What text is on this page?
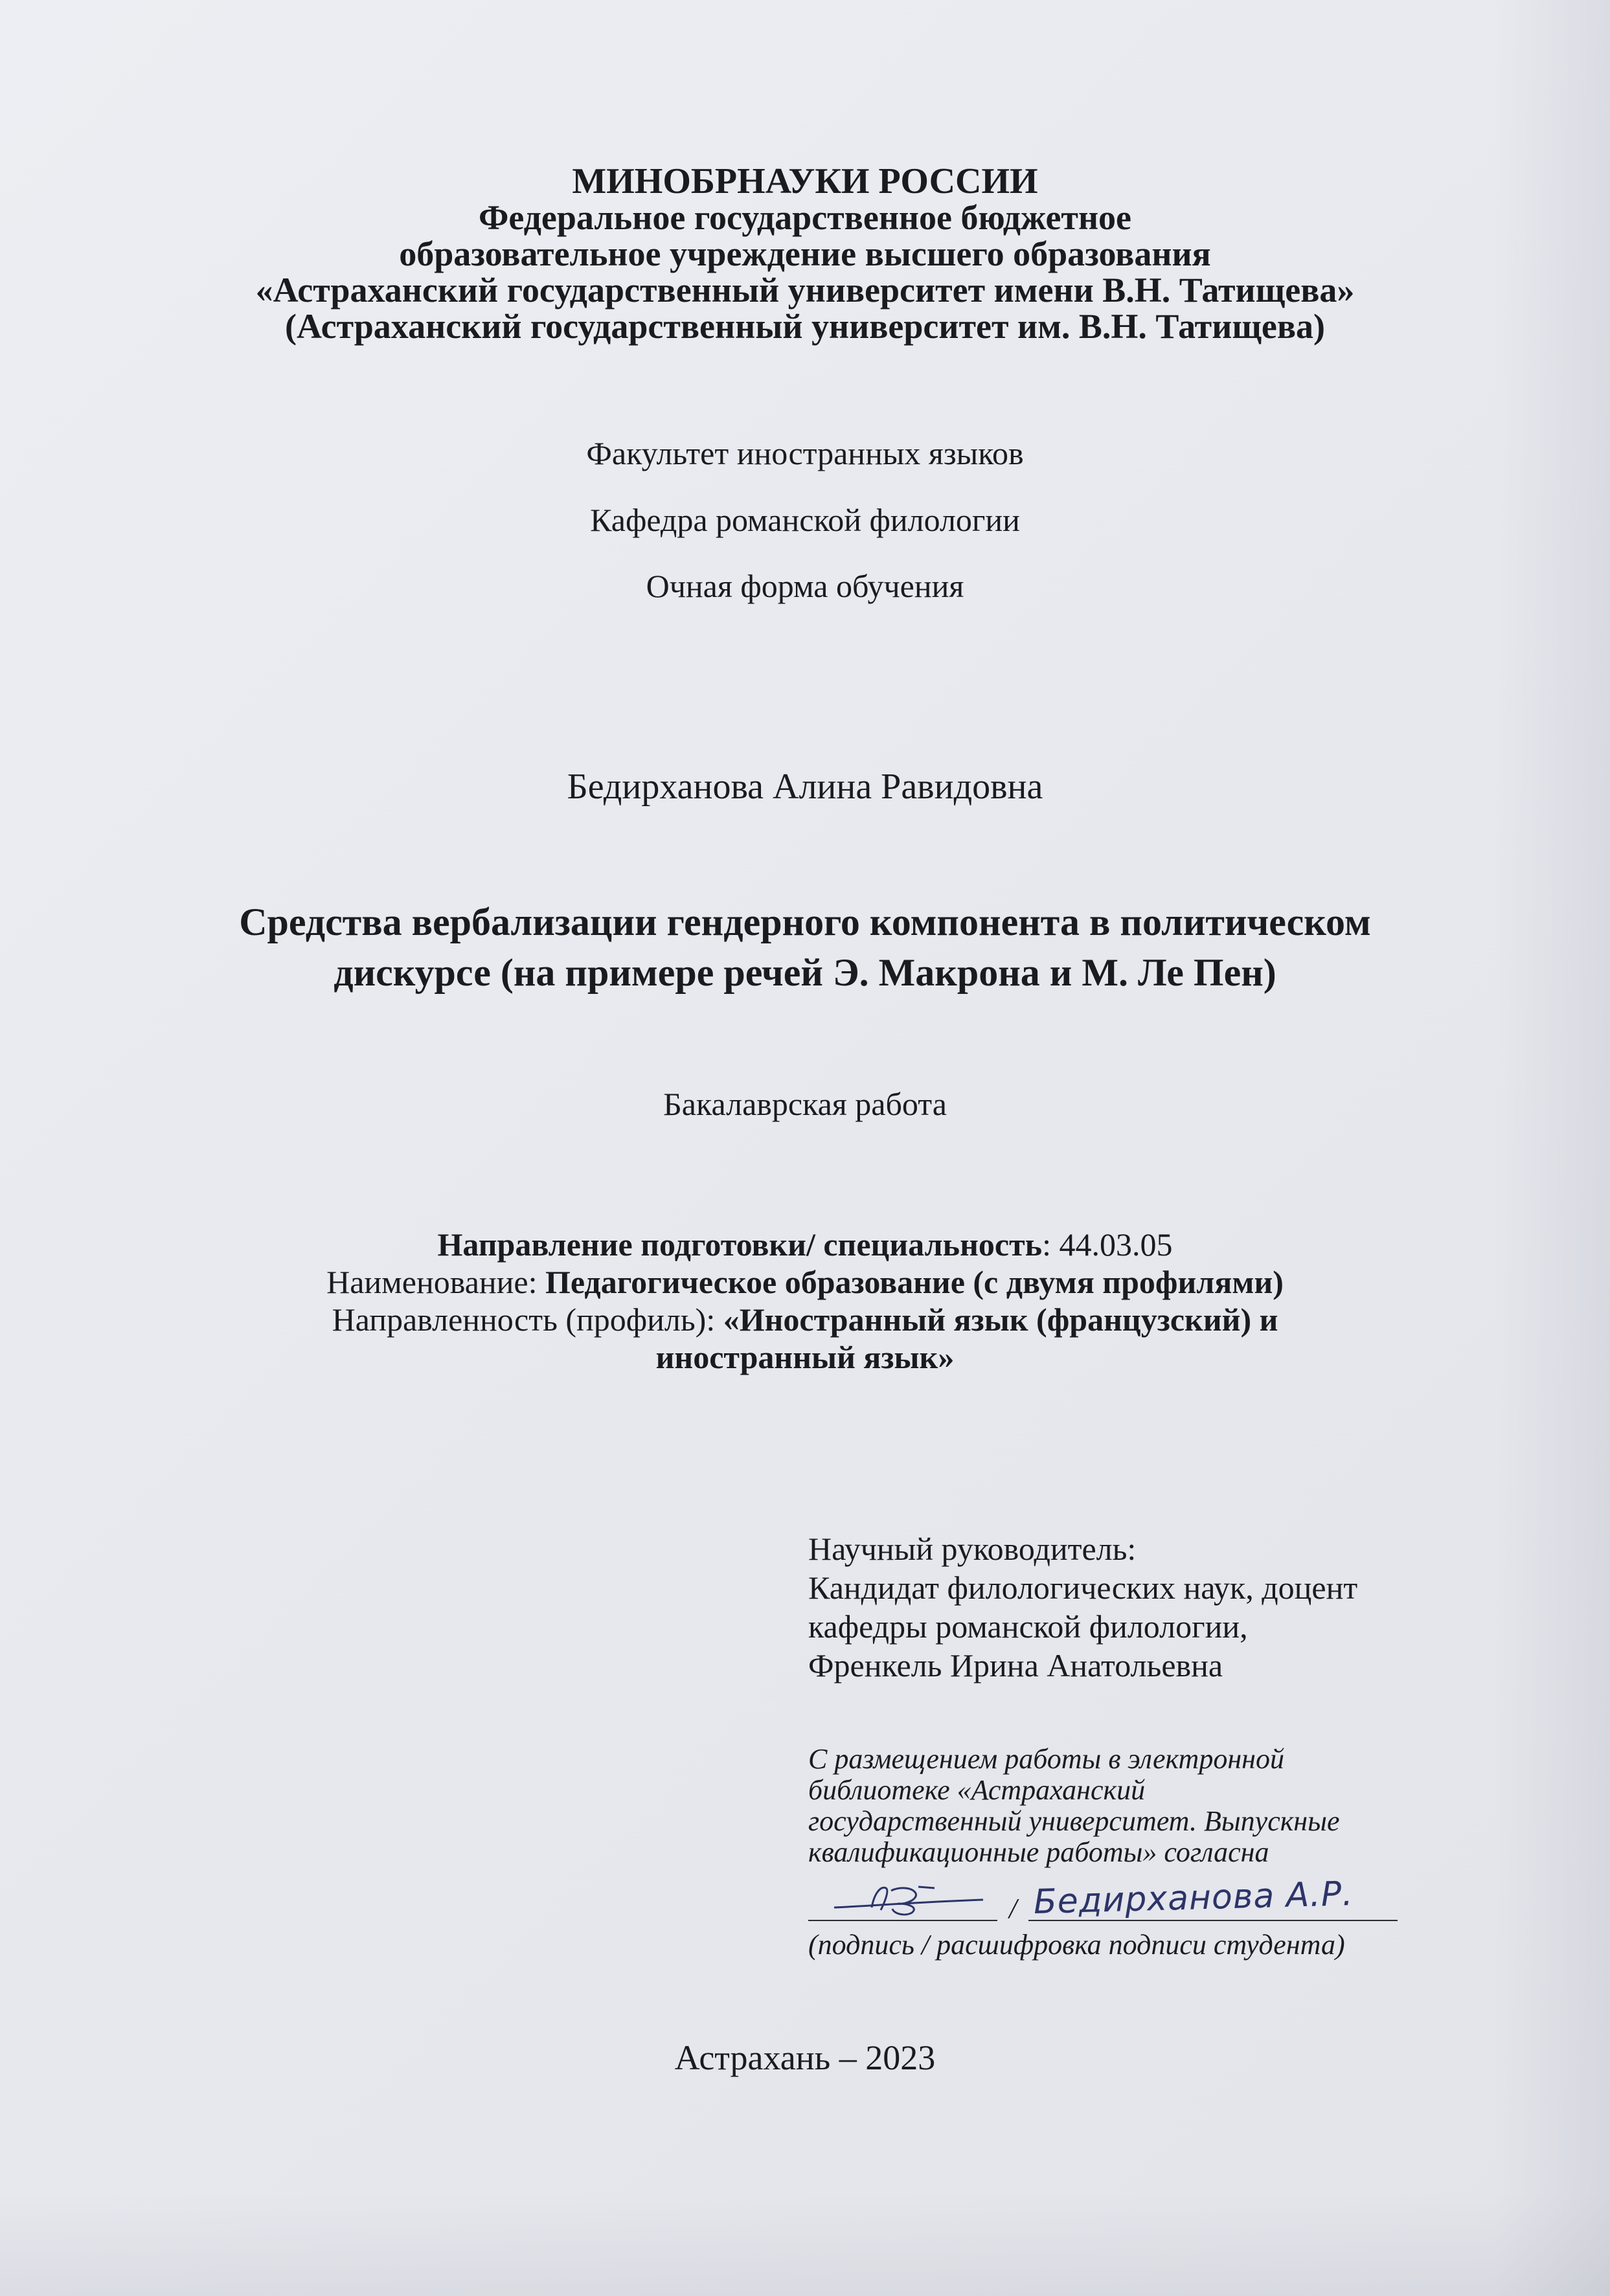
МИНОБРНАУКИ РОССИИ
Федеральное государственное бюджетное
образовательное учреждение высшего образования
«Астраханский государственный университет имени В.Н. Татищева»
(Астраханский государственный университет им. В.Н. Татищева)
Факультет иностранных языков
Кафедра романской филологии
Очная форма обучения
Бедирханова Алина Равидовна
Средства вербализации гендерного компонента в политическом
дискурсе (на примере речей Э. Макрона и М. Ле Пен)
Бакалаврская работа
Направление подготовки/ специальность: 44.03.05
Наименование: Педагогическое образование (с двумя профилями)
Направленность (профиль): «Иностранный язык (французский) и
иностранный язык»
Научный руководитель:
Кандидат филологических наук, доцент
кафедры романской филологии,
Френкель Ирина Анатольевна
С размещением работы в электронной
библиотеке «Астраханский
государственный университет. Выпускные
квалификационные работы» согласна
/ Бедирханова А.Р.
(подпись / расшифровка подписи студента)
Астрахань – 2023
